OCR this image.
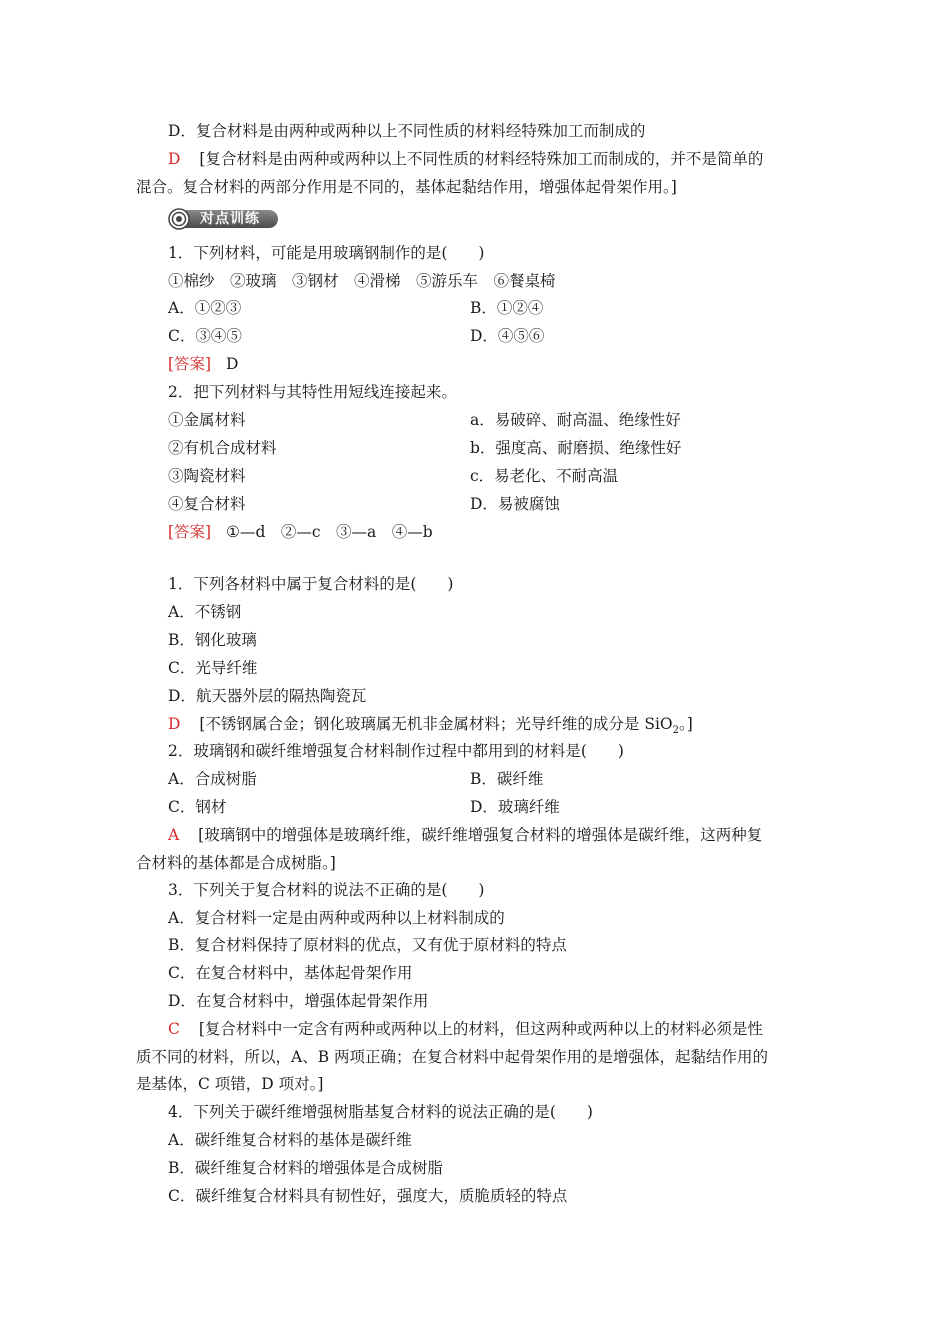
D．复合材料是由两种或两种以上不同性质的材料经特殊加工而制成的
D [复合材料是由两种或两种以上不同性质的材料经特殊加工而制成的，并不是简单的
混合。复合材料的两部分作用是不同的，基体起黏结作用，增强体起骨架作用。]
对点训练
1．下列材料，可能是用玻璃钢制作的是(　　)
①棉纱　②玻璃　③钢材　④滑梯　⑤游乐车　⑥餐桌椅
A．①②③	B．①②④
C．③④⑤	D．④⑤⑥
[答案] D
2．把下列材料与其特性用短线连接起来。
①金属材料	a．易破碎、耐高温、绝缘性好
②有机合成材料	b．强度高、耐磨损、绝缘性好
③陶瓷材料	c．易老化、不耐高温
④复合材料	D．易被腐蚀
[答案] ①—d　②—c　③—a　④—b
1．下列各材料中属于复合材料的是(　　)
A．不锈钢
B．钢化玻璃
C．光导纤维
D．航天器外层的隔热陶瓷瓦
D [不锈钢属合金；钢化玻璃属无机非金属材料；光导纤维的成分是 SiO$_2$。]
2．玻璃钢和碳纤维增强复合材料制作过程中都用到的材料是(　　)
A．合成树脂	B．碳纤维
C．钢材	D．玻璃纤维
A [玻璃钢中的增强体是玻璃纤维，碳纤维增强复合材料的增强体是碳纤维，这两种复
合材料的基体都是合成树脂。]
3．下列关于复合材料的说法不正确的是(　　)
A．复合材料一定是由两种或两种以上材料制成的
B．复合材料保持了原材料的优点，又有优于原材料的特点
C．在复合材料中，基体起骨架作用
D．在复合材料中，增强体起骨架作用
C [复合材料中一定含有两种或两种以上的材料，但这两种或两种以上的材料必须是性
质不同的材料，所以，A、B 两项正确；在复合材料中起骨架作用的是增强体，起黏结作用的
是基体，C 项错，D 项对。]
4．下列关于碳纤维增强树脂基复合材料的说法正确的是(　　)
A．碳纤维复合材料的基体是碳纤维
B．碳纤维复合材料的增强体是合成树脂
C．碳纤维复合材料具有韧性好，强度大，质脆质轻的特点
